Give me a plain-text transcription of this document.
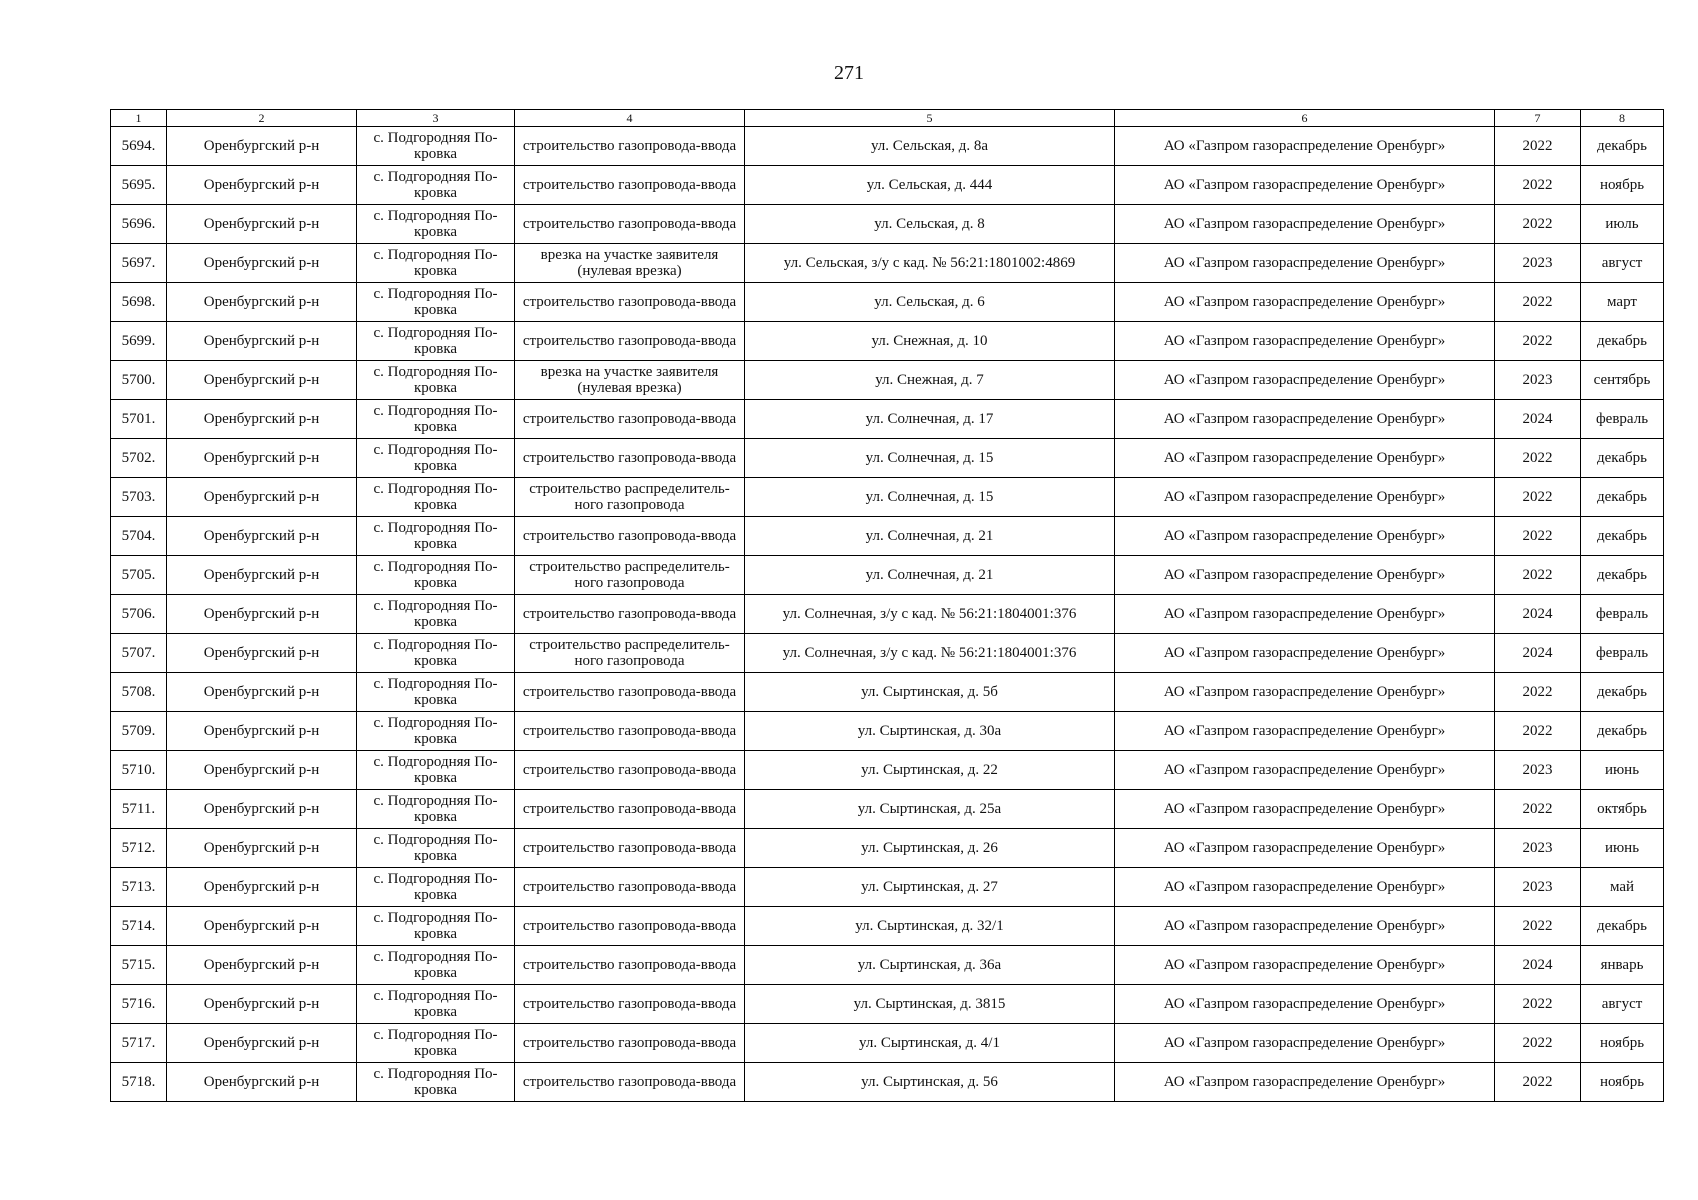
271
1	2	3	4	5	6	7	8
5694.	Оренбургский р-н	с. Подгородняя По-кровка	строительство газопровода-ввода	ул. Сельская, д. 8а	АО «Газпром газораспределение Оренбург»	2022	декабрь
5695.	Оренбургский р-н	с. Подгородняя По-кровка	строительство газопровода-ввода	ул. Сельская, д. 444	АО «Газпром газораспределение Оренбург»	2022	ноябрь
5696.	Оренбургский р-н	с. Подгородняя По-кровка	строительство газопровода-ввода	ул. Сельская, д. 8	АО «Газпром газораспределение Оренбург»	2022	июль
5697.	Оренбургский р-н	с. Подгородняя По-кровка	врезка на участке заявителя (нулевая врезка)	ул. Сельская, з/у с кад. № 56:21:1801002:4869	АО «Газпром газораспределение Оренбург»	2023	август
5698.	Оренбургский р-н	с. Подгородняя По-кровка	строительство газопровода-ввода	ул. Сельская, д. 6	АО «Газпром газораспределение Оренбург»	2022	март
5699.	Оренбургский р-н	с. Подгородняя По-кровка	строительство газопровода-ввода	ул. Снежная, д. 10	АО «Газпром газораспределение Оренбург»	2022	декабрь
5700.	Оренбургский р-н	с. Подгородняя По-кровка	врезка на участке заявителя (нулевая врезка)	ул. Снежная, д. 7	АО «Газпром газораспределение Оренбург»	2023	сентябрь
5701.	Оренбургский р-н	с. Подгородняя По-кровка	строительство газопровода-ввода	ул. Солнечная, д. 17	АО «Газпром газораспределение Оренбург»	2024	февраль
5702.	Оренбургский р-н	с. Подгородняя По-кровка	строительство газопровода-ввода	ул. Солнечная, д. 15	АО «Газпром газораспределение Оренбург»	2022	декабрь
5703.	Оренбургский р-н	с. Подгородняя По-кровка	строительство распределитель-ного газопровода	ул. Солнечная, д. 15	АО «Газпром газораспределение Оренбург»	2022	декабрь
5704.	Оренбургский р-н	с. Подгородняя По-кровка	строительство газопровода-ввода	ул. Солнечная, д. 21	АО «Газпром газораспределение Оренбург»	2022	декабрь
5705.	Оренбургский р-н	с. Подгородняя По-кровка	строительство распределитель-ного газопровода	ул. Солнечная, д. 21	АО «Газпром газораспределение Оренбург»	2022	декабрь
5706.	Оренбургский р-н	с. Подгородняя По-кровка	строительство газопровода-ввода	ул. Солнечная, з/у с кад. № 56:21:1804001:376	АО «Газпром газораспределение Оренбург»	2024	февраль
5707.	Оренбургский р-н	с. Подгородняя По-кровка	строительство распределитель-ного газопровода	ул. Солнечная, з/у с кад. № 56:21:1804001:376	АО «Газпром газораспределение Оренбург»	2024	февраль
5708.	Оренбургский р-н	с. Подгородняя По-кровка	строительство газопровода-ввода	ул. Сыртинская, д. 5б	АО «Газпром газораспределение Оренбург»	2022	декабрь
5709.	Оренбургский р-н	с. Подгородняя По-кровка	строительство газопровода-ввода	ул. Сыртинская, д. 30а	АО «Газпром газораспределение Оренбург»	2022	декабрь
5710.	Оренбургский р-н	с. Подгородняя По-кровка	строительство газопровода-ввода	ул. Сыртинская, д. 22	АО «Газпром газораспределение Оренбург»	2023	июнь
5711.	Оренбургский р-н	с. Подгородняя По-кровка	строительство газопровода-ввода	ул. Сыртинская, д. 25а	АО «Газпром газораспределение Оренбург»	2022	октябрь
5712.	Оренбургский р-н	с. Подгородняя По-кровка	строительство газопровода-ввода	ул. Сыртинская, д. 26	АО «Газпром газораспределение Оренбург»	2023	июнь
5713.	Оренбургский р-н	с. Подгородняя По-кровка	строительство газопровода-ввода	ул. Сыртинская, д. 27	АО «Газпром газораспределение Оренбург»	2023	май
5714.	Оренбургский р-н	с. Подгородняя По-кровка	строительство газопровода-ввода	ул. Сыртинская, д. 32/1	АО «Газпром газораспределение Оренбург»	2022	декабрь
5715.	Оренбургский р-н	с. Подгородняя По-кровка	строительство газопровода-ввода	ул. Сыртинская, д. 36а	АО «Газпром газораспределение Оренбург»	2024	январь
5716.	Оренбургский р-н	с. Подгородняя По-кровка	строительство газопровода-ввода	ул. Сыртинская, д. 3815	АО «Газпром газораспределение Оренбург»	2022	август
5717.	Оренбургский р-н	с. Подгородняя По-кровка	строительство газопровода-ввода	ул. Сыртинская, д. 4/1	АО «Газпром газораспределение Оренбург»	2022	ноябрь
5718.	Оренбургский р-н	с. Подгородняя По-кровка	строительство газопровода-ввода	ул. Сыртинская, д. 56	АО «Газпром газораспределение Оренбург»	2022	ноябрь
